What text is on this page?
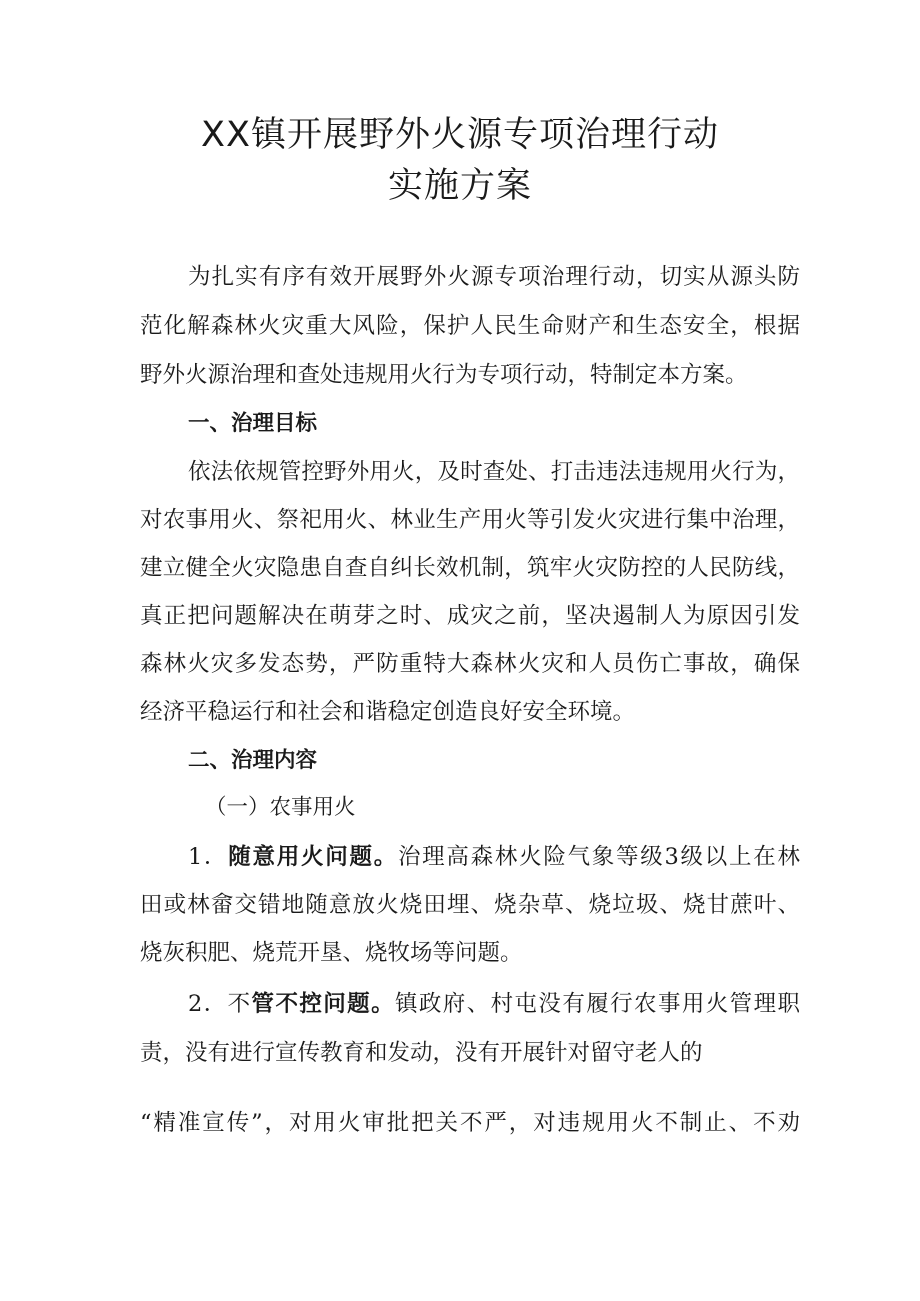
XX镇开展野外火源专项治理行动
实施方案

为扎实有序有效开展野外火源专项治理行动，切实从源头防

范化解森林火灾重大风险，保护人民生命财产和生态安全，根据

野外火源治理和查处违规用火行为专项行动，特制定本方案。

一、治理目标

依法依规管控野外用火，及时查处、打击违法违规用火行为，

对农事用火、祭祀用火、林业生产用火等引发火灾进行集中治理，

建立健全火灾隐患自查自纠长效机制，筑牢火灾防控的人民防线，

真正把问题解决在萌芽之时、成灾之前，坚决遏制人为原因引发

森林火灾多发态势，严防重特大森林火灾和人员伤亡事故，确保

经济平稳运行和社会和谐稳定创造良好安全环境。

二、治理内容

（一）农事用火

1．随意用火问题。治理高森林火险气象等级3级以上在林

田或林畲交错地随意放火烧田埋、烧杂草、烧垃圾、烧甘蔗叶、

烧灰积肥、烧荒开垦、烧牧场等问题。

2．不管不控问题。镇政府、村屯没有履行农事用火管理职

责，没有进行宣传教育和发动，没有开展针对留守老人的

“精准宣传”，对用火审批把关不严，对违规用火不制止、不劝
